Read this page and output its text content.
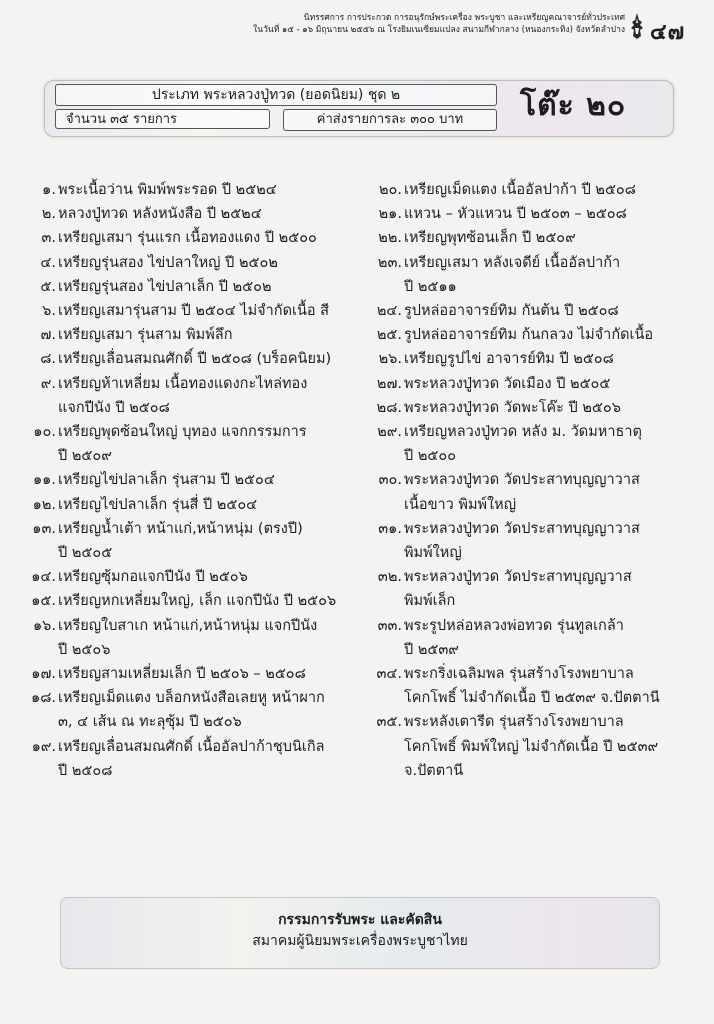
นิทรรศการ การประกวด การอนุรักษ์พระเครื่อง พระบูชา และเหรียญคณาจารย์ทั่วประเทศ
ในวันที่ ๑๕ - ๑๖ มิถุนายน ๒๕๕๖ ณ โรงยิมเนเซียมแปลง สนามกีฬากลาง (หนองกระทิง) จังหวัดลำปาง ๔๗
ประเภท พระหลวงปู่ทวด (ยอดนิยม) ชุด ๒
จำนวน ๓๕ รายการ	ค่าส่งรายการละ ๓๐๐ บาท	โต๊ะ ๒๐
๑. พระเนื้อว่าน พิมพ์พระรอด ปี ๒๕๒๔
๒. หลวงปู่ทวด หลังหนังสือ ปี ๒๕๒๔
๓. เหรียญเสมา รุ่นแรก เนื้อทองแดง ปี ๒๕๐๐
๔. เหรียญรุ่นสอง ไข่ปลาใหญ่ ปี ๒๕๐๒
๕. เหรียญรุ่นสอง ไข่ปลาเล็ก ปี ๒๕๐๒
๖. เหรียญเสมารุ่นสาม ปี ๒๕๐๔ ไม่จำกัดเนื้อ สี
๗. เหรียญเสมา รุ่นสาม พิมพ์ลึก
๘. เหรียญเลื่อนสมณศักดิ์ ปี ๒๕๐๘ (บร็อคนิยม)
๙. เหรียญห้าเหลี่ยม เนื้อทองแดงกะไหล่ทอง
แจกปีนัง ปี ๒๕๐๘
๑๐. เหรียญพุดซ้อนใหญ่ บุทอง แจกกรรมการ
ปี ๒๕๐๙
๑๑. เหรียญไข่ปลาเล็ก รุ่นสาม ปี ๒๕๐๔
๑๒. เหรียญไข่ปลาเล็ก รุ่นสี่ ปี ๒๕๐๔
๑๓. เหรียญน้ำเต้า หน้าแก่,หน้าหนุ่ม (ตรงปี)
ปี ๒๕๐๕
๑๔. เหรียญซุ้มกอแจกปีนัง ปี ๒๕๐๖
๑๕. เหรียญหกเหลี่ยมใหญ่, เล็ก แจกปีนัง ปี ๒๕๐๖
๑๖. เหรียญใบสาเก หน้าแก่,หน้าหนุ่ม แจกปีนัง
ปี ๒๕๐๖
๑๗. เหรียญสามเหลี่ยมเล็ก ปี ๒๕๐๖ – ๒๕๐๘
๑๘. เหรียญเม็ดแตง บล็อกหนังสือเลยหู หน้าผาก
๓, ๔ เส้น ณ ทะลุซุ้ม ปี ๒๕๐๖
๑๙. เหรียญเลื่อนสมณศักดิ์ เนื้ออัลปาก้าชุบนิเกิล
ปี ๒๕๐๘
๒๐. เหรียญเม็ดแตง เนื้ออัลปาก้า ปี ๒๕๐๘
๒๑. แหวน – หัวแหวน ปี ๒๕๐๓ – ๒๕๐๘
๒๒. เหรียญพุทซ้อนเล็ก ปี ๒๕๐๙
๒๓. เหรียญเสมา หลังเจดีย์ เนื้ออัลปาก้า
ปี ๒๕๑๑
๒๔. รูปหล่ออาจารย์ทิม กันต้น ปี ๒๕๐๘
๒๕. รูปหล่ออาจารย์ทิม ก้นกลวง ไม่จำกัดเนื้อ
๒๖. เหรียญรูปไข่ อาจารย์ทิม ปี ๒๕๐๘
๒๗. พระหลวงปู่ทวด วัดเมือง ปี ๒๕๐๕
๒๘. พระหลวงปู่ทวด วัดพะโค๊ะ ปี ๒๕๐๖
๒๙. เหรียญหลวงปู่ทวด หลัง ม. วัดมหาธาตุ
ปี ๒๕๐๐
๓๐. พระหลวงปู่ทวด วัดประสาทบุญญาวาส
เนื้อขาว พิมพ์ใหญ่
๓๑. พระหลวงปู่ทวด วัดประสาทบุญญาวาส
พิมพ์ใหญ่
๓๒. พระหลวงปู่ทวด วัดประสาทบุญญวาส
พิมพ์เล็ก
๓๓. พระรูปหล่อหลวงพ่อทวด รุ่นทูลเกล้า
ปี ๒๕๓๙
๓๔. พระกริ่งเฉลิมพล รุ่นสร้างโรงพยาบาล
โคกโพธิ์ ไม่จำกัดเนื้อ ปี ๒๕๓๙ จ.ปัตตานี
๓๕. พระหลังเตารีด รุ่นสร้างโรงพยาบาล
โคกโพธิ์ พิมพ์ใหญ่ ไม่จำกัดเนื้อ ปี ๒๕๓๙
จ.ปัตตานี
กรรมการรับพระ และคัดสิน
สมาคมผู้นิยมพระเครื่องพระบูชาไทย
